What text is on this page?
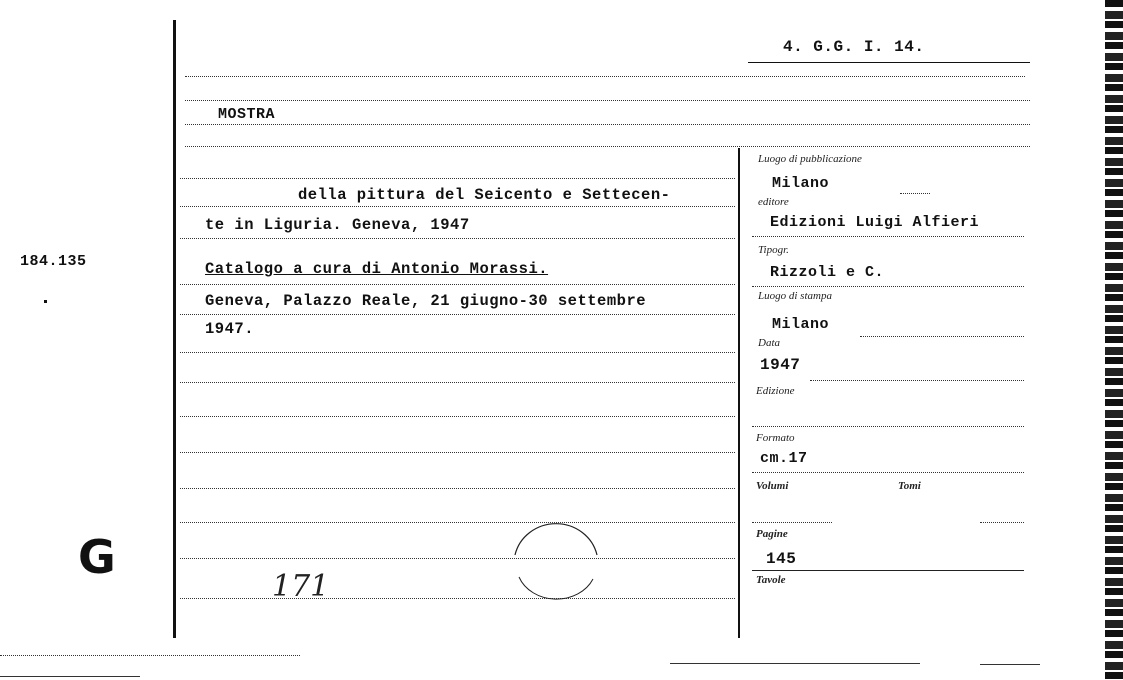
184.135
G
4. G.G. I. 14.
MOSTRA
della pittura del Seicento e Settecen-
te in Liguria. Geneva, 1947
Catalogo a cura di Antonio Morassi.
Geneva, Palazzo Reale, 21 giugno-30 settembre
1947.
171
Luogo di pubblicazione
Milano
editore
Edizioni Luigi Alfieri
Tipogr.
Rizzoli e C.
Luogo di stampa
Milano
Data
1947
Edizione
Formato
cm.17
Volumi	Tomi
Pagine
145
Tavole
